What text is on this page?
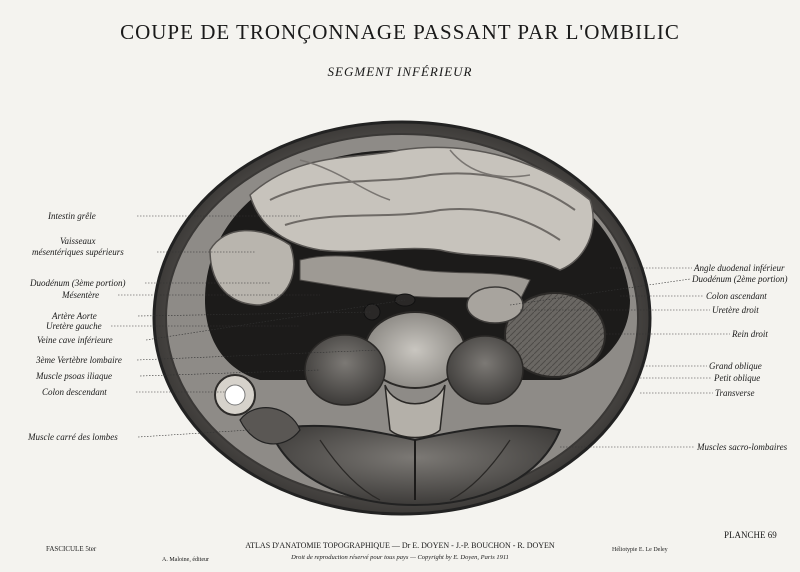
COUPE DE TRONÇONNAGE PASSANT PAR L'OMBILIC
SEGMENT INFÉRIEUR
Intestin grêle
Vaisseaux
mésentériques supérieurs
Duodénum (3ème portion)
Mésentère
Artère Aorte
Uretère gauche
Veine cave inférieure
3ème Vertèbre lombaire
Muscle psoas iliaque
Colon descendant
Muscle carré des lombes
Angle duodenal inférieur
Duodénum (2ème portion)
Colon ascendant
Uretère droit
Rein droit
Grand oblique
Petit oblique
Transverse
Muscles sacro-lombaires
FASCICULE 5ter
A. Maloine, éditeur
ATLAS D'ANATOMIE TOPOGRAPHIQUE — Dr E. DOYEN - J.-P. BOUCHON - R. DOYEN
Droit de reproduction réservé pour tous pays — Copyright by E. Doyen, Paris 1911
Héliotypie E. Le Deley
PLANCHE 69
